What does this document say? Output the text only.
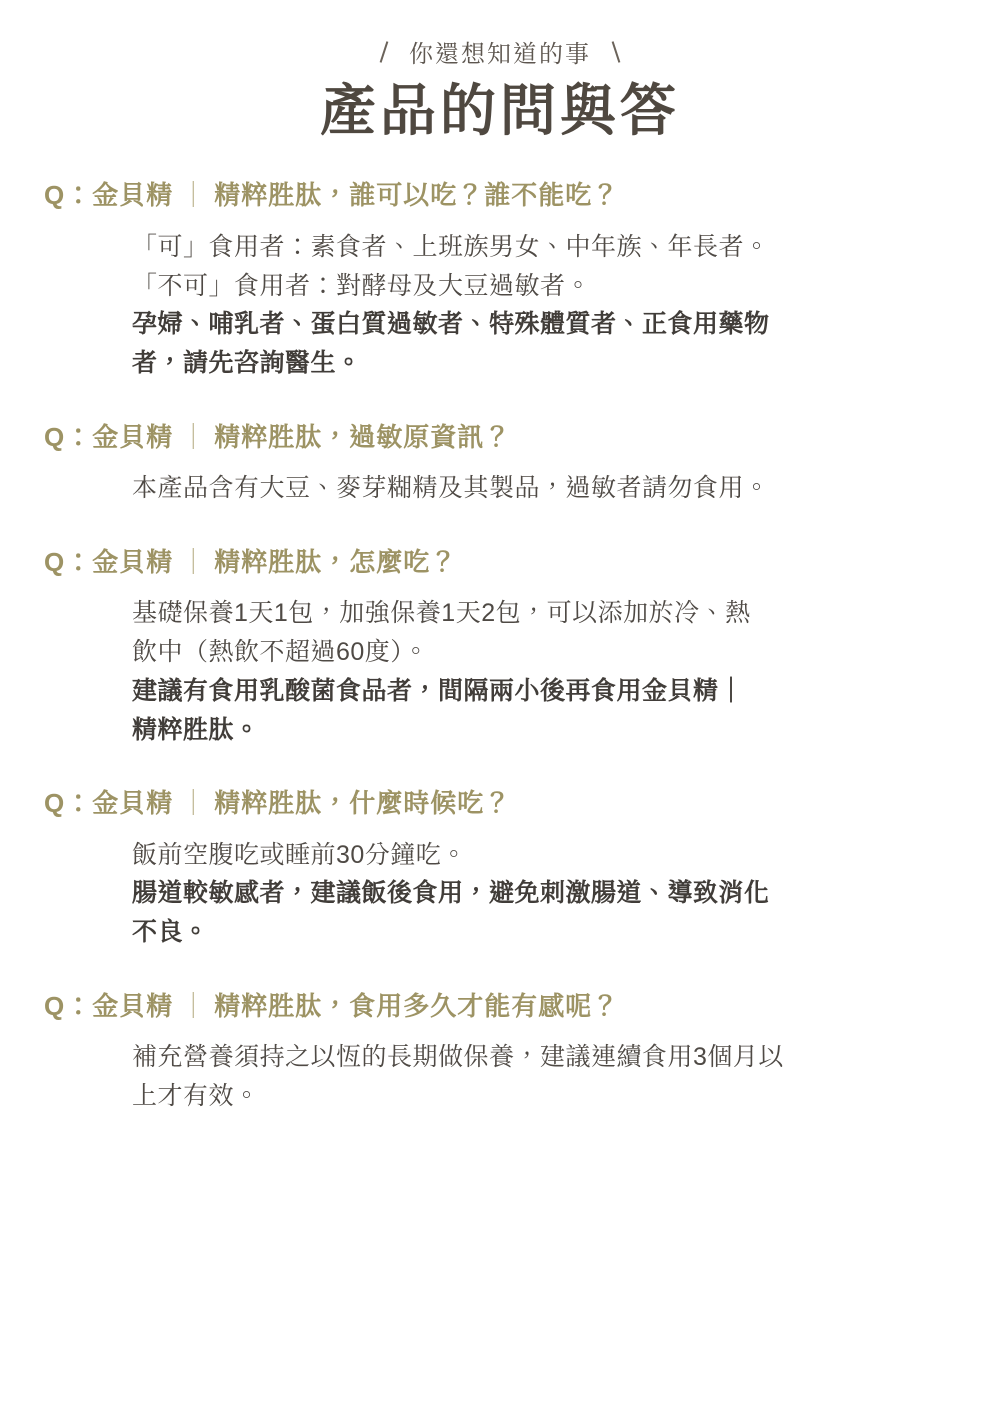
你還想知道的事
產品的問與答
Q：金貝精 ｜ 精粹胜肽，誰可以吃？誰不能吃？
「可」食用者：素食者、上班族男女、中年族、年長者。
「不可」食用者：對酵母及大豆過敏者。
孕婦、哺乳者、蛋白質過敏者、特殊體質者、正食用藥物
者，請先咨詢醫生。
Q：金貝精 ｜ 精粹胜肽，過敏原資訊？
本產品含有大豆、麥芽糊精及其製品，過敏者請勿食用。
Q：金貝精 ｜ 精粹胜肽，怎麼吃？
基礎保養1天1包，加強保養1天2包，可以添加於冷、熱
飲中（熱飲不超過60度）。
建議有食用乳酸菌食品者，間隔兩小後再食用金貝精｜
精粹胜肽。
Q：金貝精 ｜ 精粹胜肽，什麼時候吃？
飯前空腹吃或睡前30分鐘吃。
腸道較敏感者，建議飯後食用，避免刺激腸道、導致消化
不良。
Q：金貝精 ｜ 精粹胜肽，食用多久才能有感呢？
補充營養須持之以恆的長期做保養，建議連續食用3個月以
上才有效。
